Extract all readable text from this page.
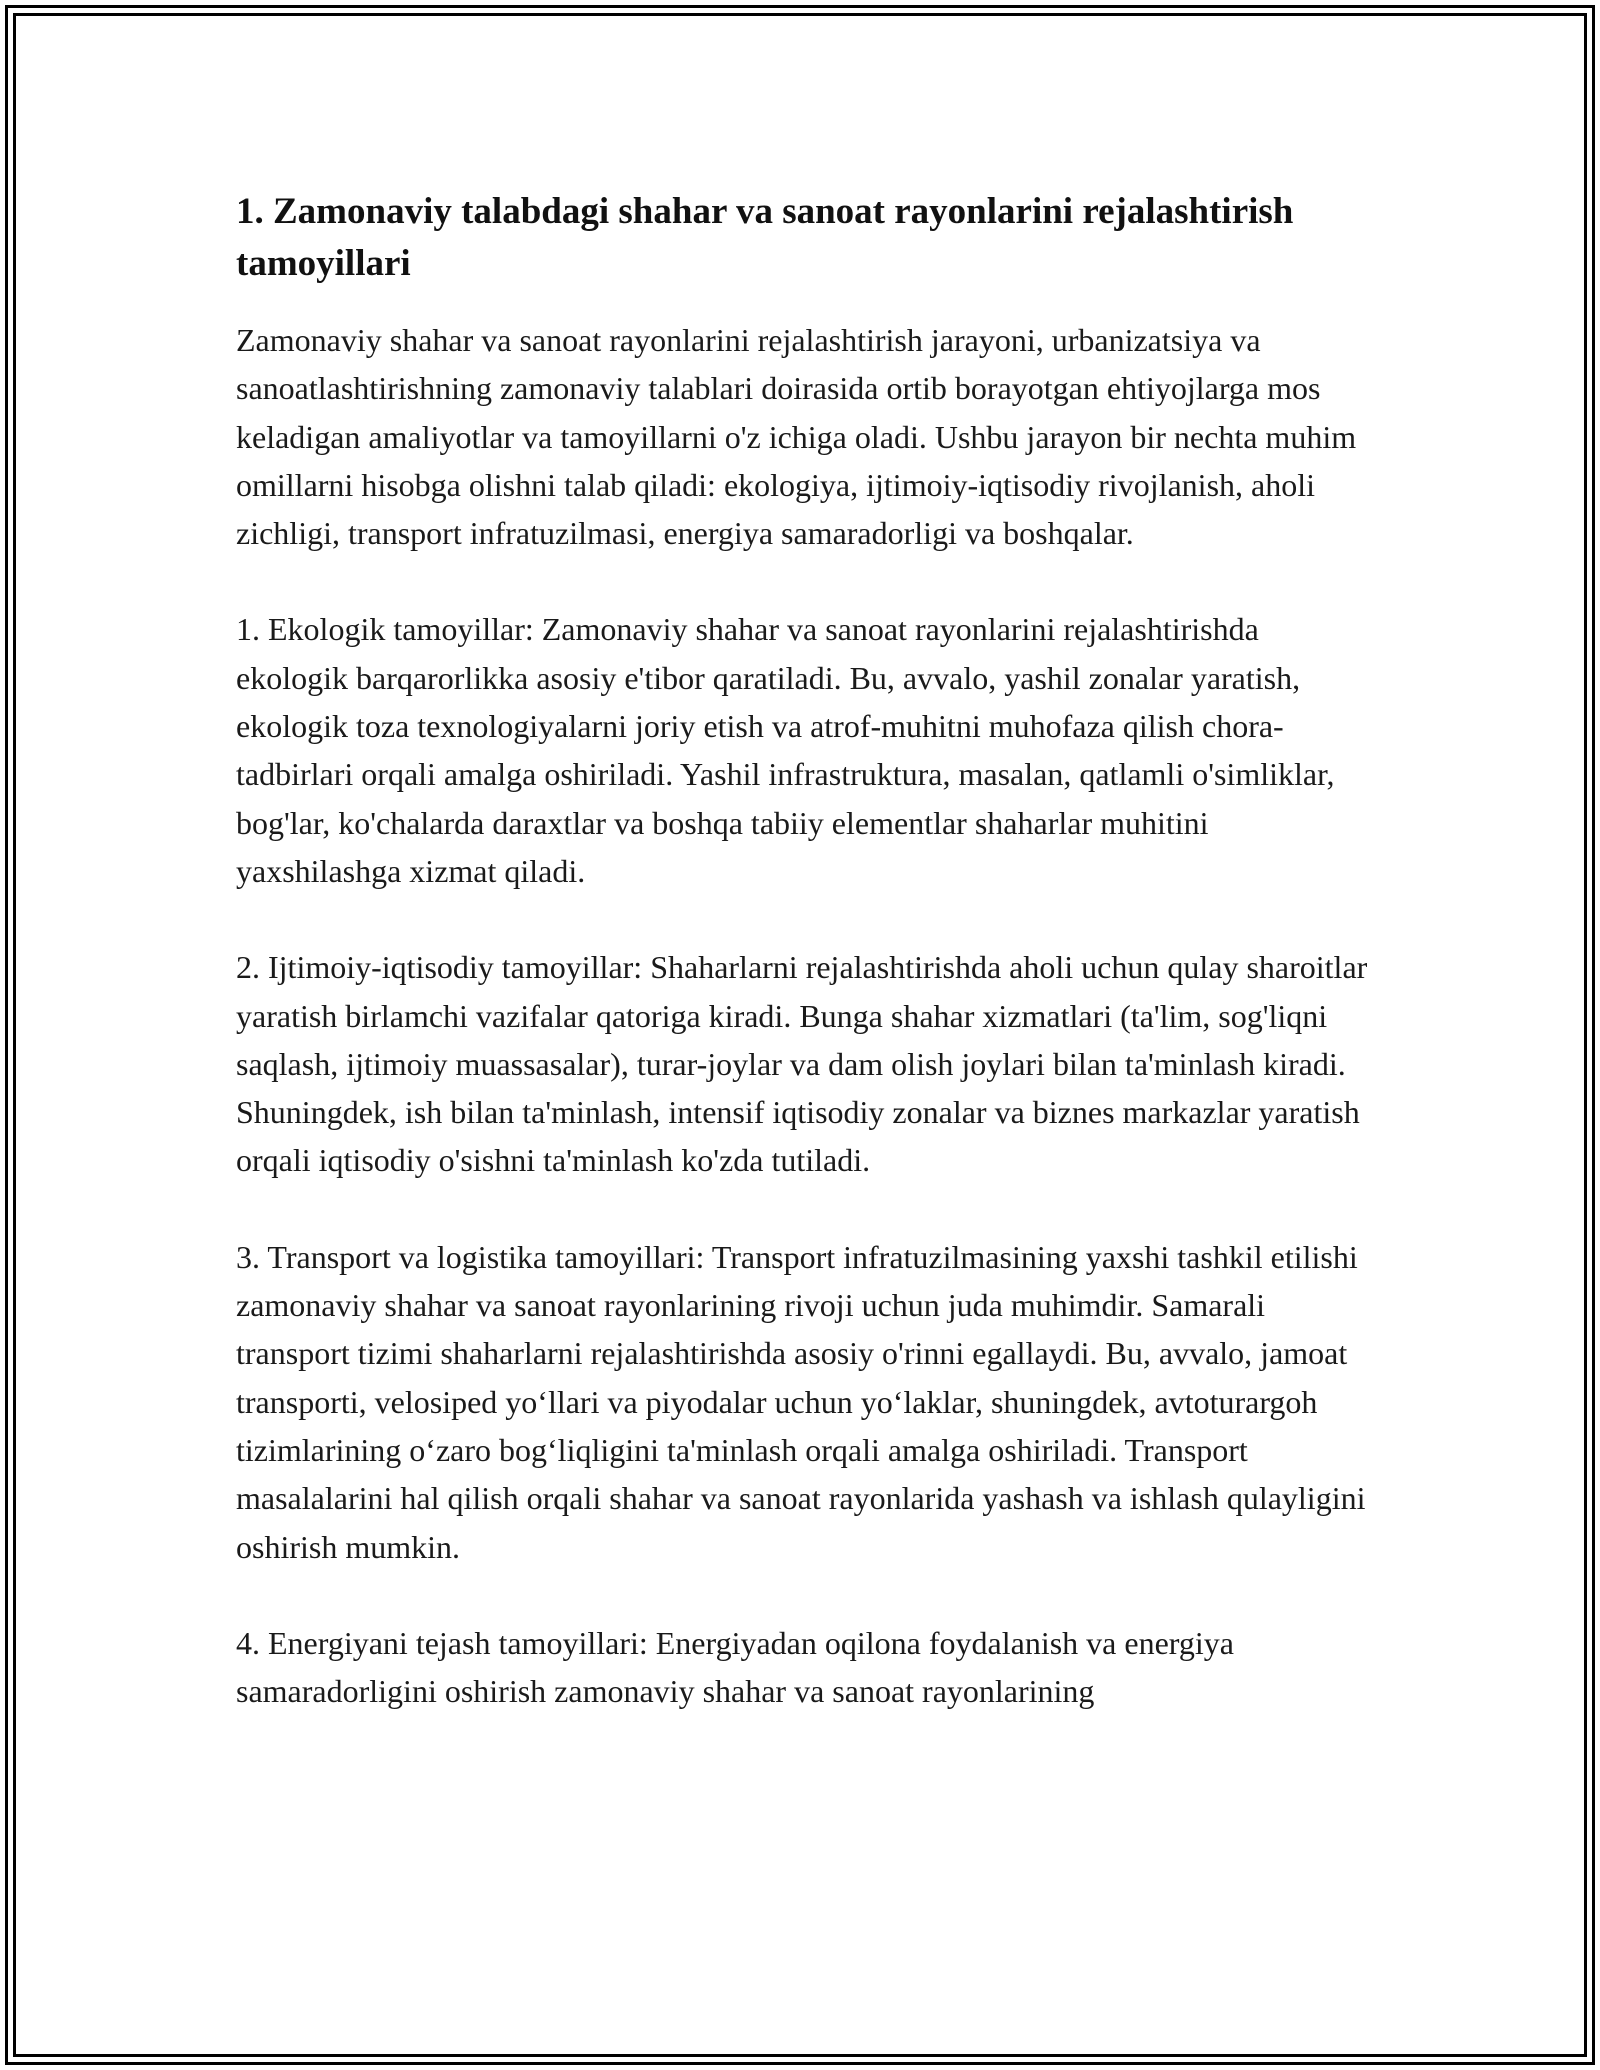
1. Zamonaviy talabdagi shahar va sanoat rayonlarini rejalashtirish tamoyillari

Zamonaviy shahar va sanoat rayonlarini rejalashtirish jarayoni, urbanizatsiya va sanoatlashtirishning zamonaviy talablari doirasida ortib borayotgan ehtiyojlarga mos keladigan amaliyotlar va tamoyillarni o'z ichiga oladi. Ushbu jarayon bir nechta muhim omillarni hisobga olishni talab qiladi: ekologiya, ijtimoiy-iqtisodiy rivojlanish, aholi zichligi, transport infratuzilmasi, energiya samaradorligi va boshqalar.

1. Ekologik tamoyillar: Zamonaviy shahar va sanoat rayonlarini rejalashtirishda ekologik barqarorlikka asosiy e'tibor qaratiladi. Bu, avvalo, yashil zonalar yaratish, ekologik toza texnologiyalarni joriy etish va atrof-muhitni muhofaza qilish chora-tadbirlari orqali amalga oshiriladi. Yashil infrastruktura, masalan, qatlamli o'simliklar, bog'lar, ko'chalarda daraxtlar va boshqa tabiiy elementlar shaharlar muhitini yaxshilashga xizmat qiladi.

2. Ijtimoiy-iqtisodiy tamoyillar: Shaharlarni rejalashtirishda aholi uchun qulay sharoitlar yaratish birlamchi vazifalar qatoriga kiradi. Bunga shahar xizmatlari (ta'lim, sog'liqni saqlash, ijtimoiy muassasalar), turar-joylar va dam olish joylari bilan ta'minlash kiradi. Shuningdek, ish bilan ta'minlash, intensif iqtisodiy zonalar va biznes markazlar yaratish orqali iqtisodiy o'sishni ta'minlash ko'zda tutiladi.

3. Transport va logistika tamoyillari: Transport infratuzilmasining yaxshi tashkil etilishi zamonaviy shahar va sanoat rayonlarining rivoji uchun juda muhimdir. Samarali transport tizimi shaharlarni rejalashtirishda asosiy o'rinni egallaydi. Bu, avvalo, jamoat transporti, velosiped yo‘llari va piyodalar uchun yo‘laklar, shuningdek, avtoturargoh tizimlarining o‘zaro bog‘liqligini ta'minlash orqali amalga oshiriladi. Transport masalalarini hal qilish orqali shahar va sanoat rayonlarida yashash va ishlash qulayligini oshirish mumkin.

4. Energiyani tejash tamoyillari: Energiyadan oqilona foydalanish va energiya samaradorligini oshirish zamonaviy shahar va sanoat rayonlarining
